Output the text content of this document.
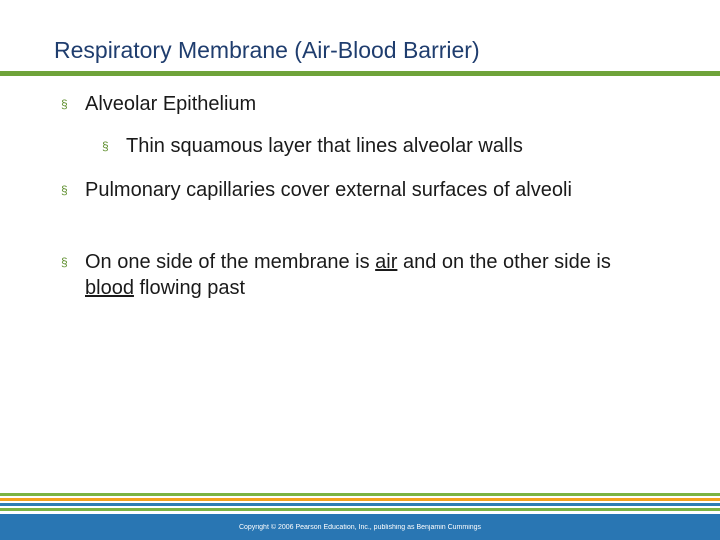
Respiratory Membrane (Air-Blood Barrier)
§ Alveolar Epithelium
§ Thin squamous layer that lines alveolar walls
§ Pulmonary capillaries cover external surfaces of alveoli
§ On one side of the membrane is air and on the other side is blood flowing past
Copyright © 2006 Pearson Education, Inc., publishing as Benjamin Cummings
